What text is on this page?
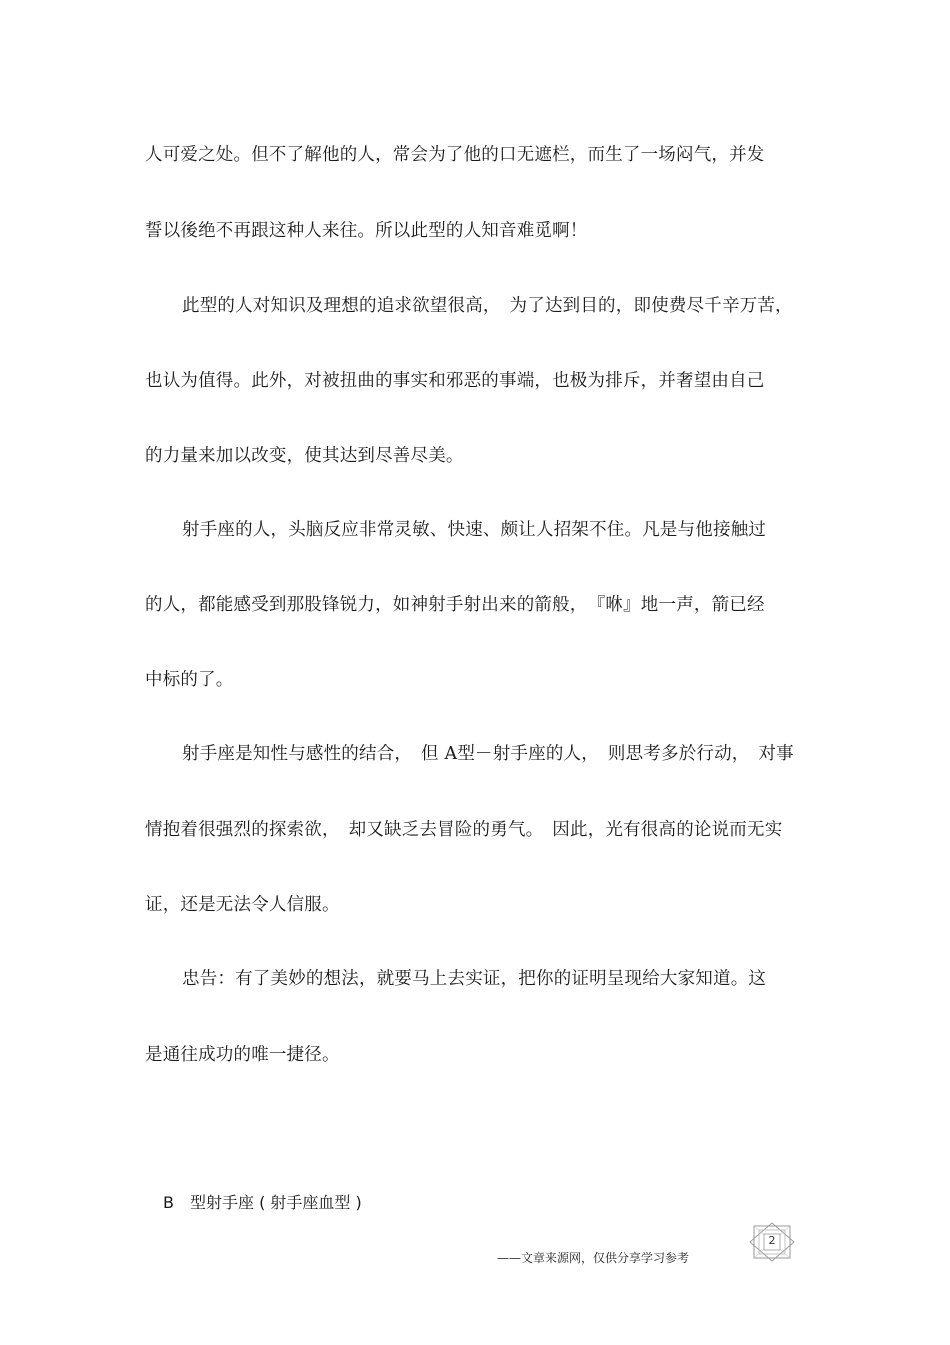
人可爱之处。但不了解他的人，常会为了他的口无遮栏，而生了一场闷气，并发
誓以後绝不再跟这种人来往。所以此型的人知音难觅啊！
此型的人对知识及理想的追求欲望很高，　为了达到目的，即使费尽千辛万苦，
也认为值得。此外，对被扭曲的事实和邪恶的事端，也极为排斥，并奢望由自己
的力量来加以改变，使其达到尽善尽美。
射手座的人，头脑反应非常灵敏、快速、颇让人招架不住。凡是与他接触过
的人，都能感受到那股锋锐力，如神射手射出来的箭般，　『咻』地一声，箭已经
中标的了。
射手座是知性与感性的结合，　但 A型－射手座的人，　则思考多於行动，　对事
情抱着很强烈的探索欲，　却又缺乏去冒险的勇气。　因此，光有很高的论说而无实
证，还是无法令人信服。
忠告：有了美妙的想法，就要马上去实证，把你的证明呈现给大家知道。这
是通往成功的唯一捷径。
B　型射手座 ( 射手座血型 )
——文章来源网，仅供分享学习参考
2
